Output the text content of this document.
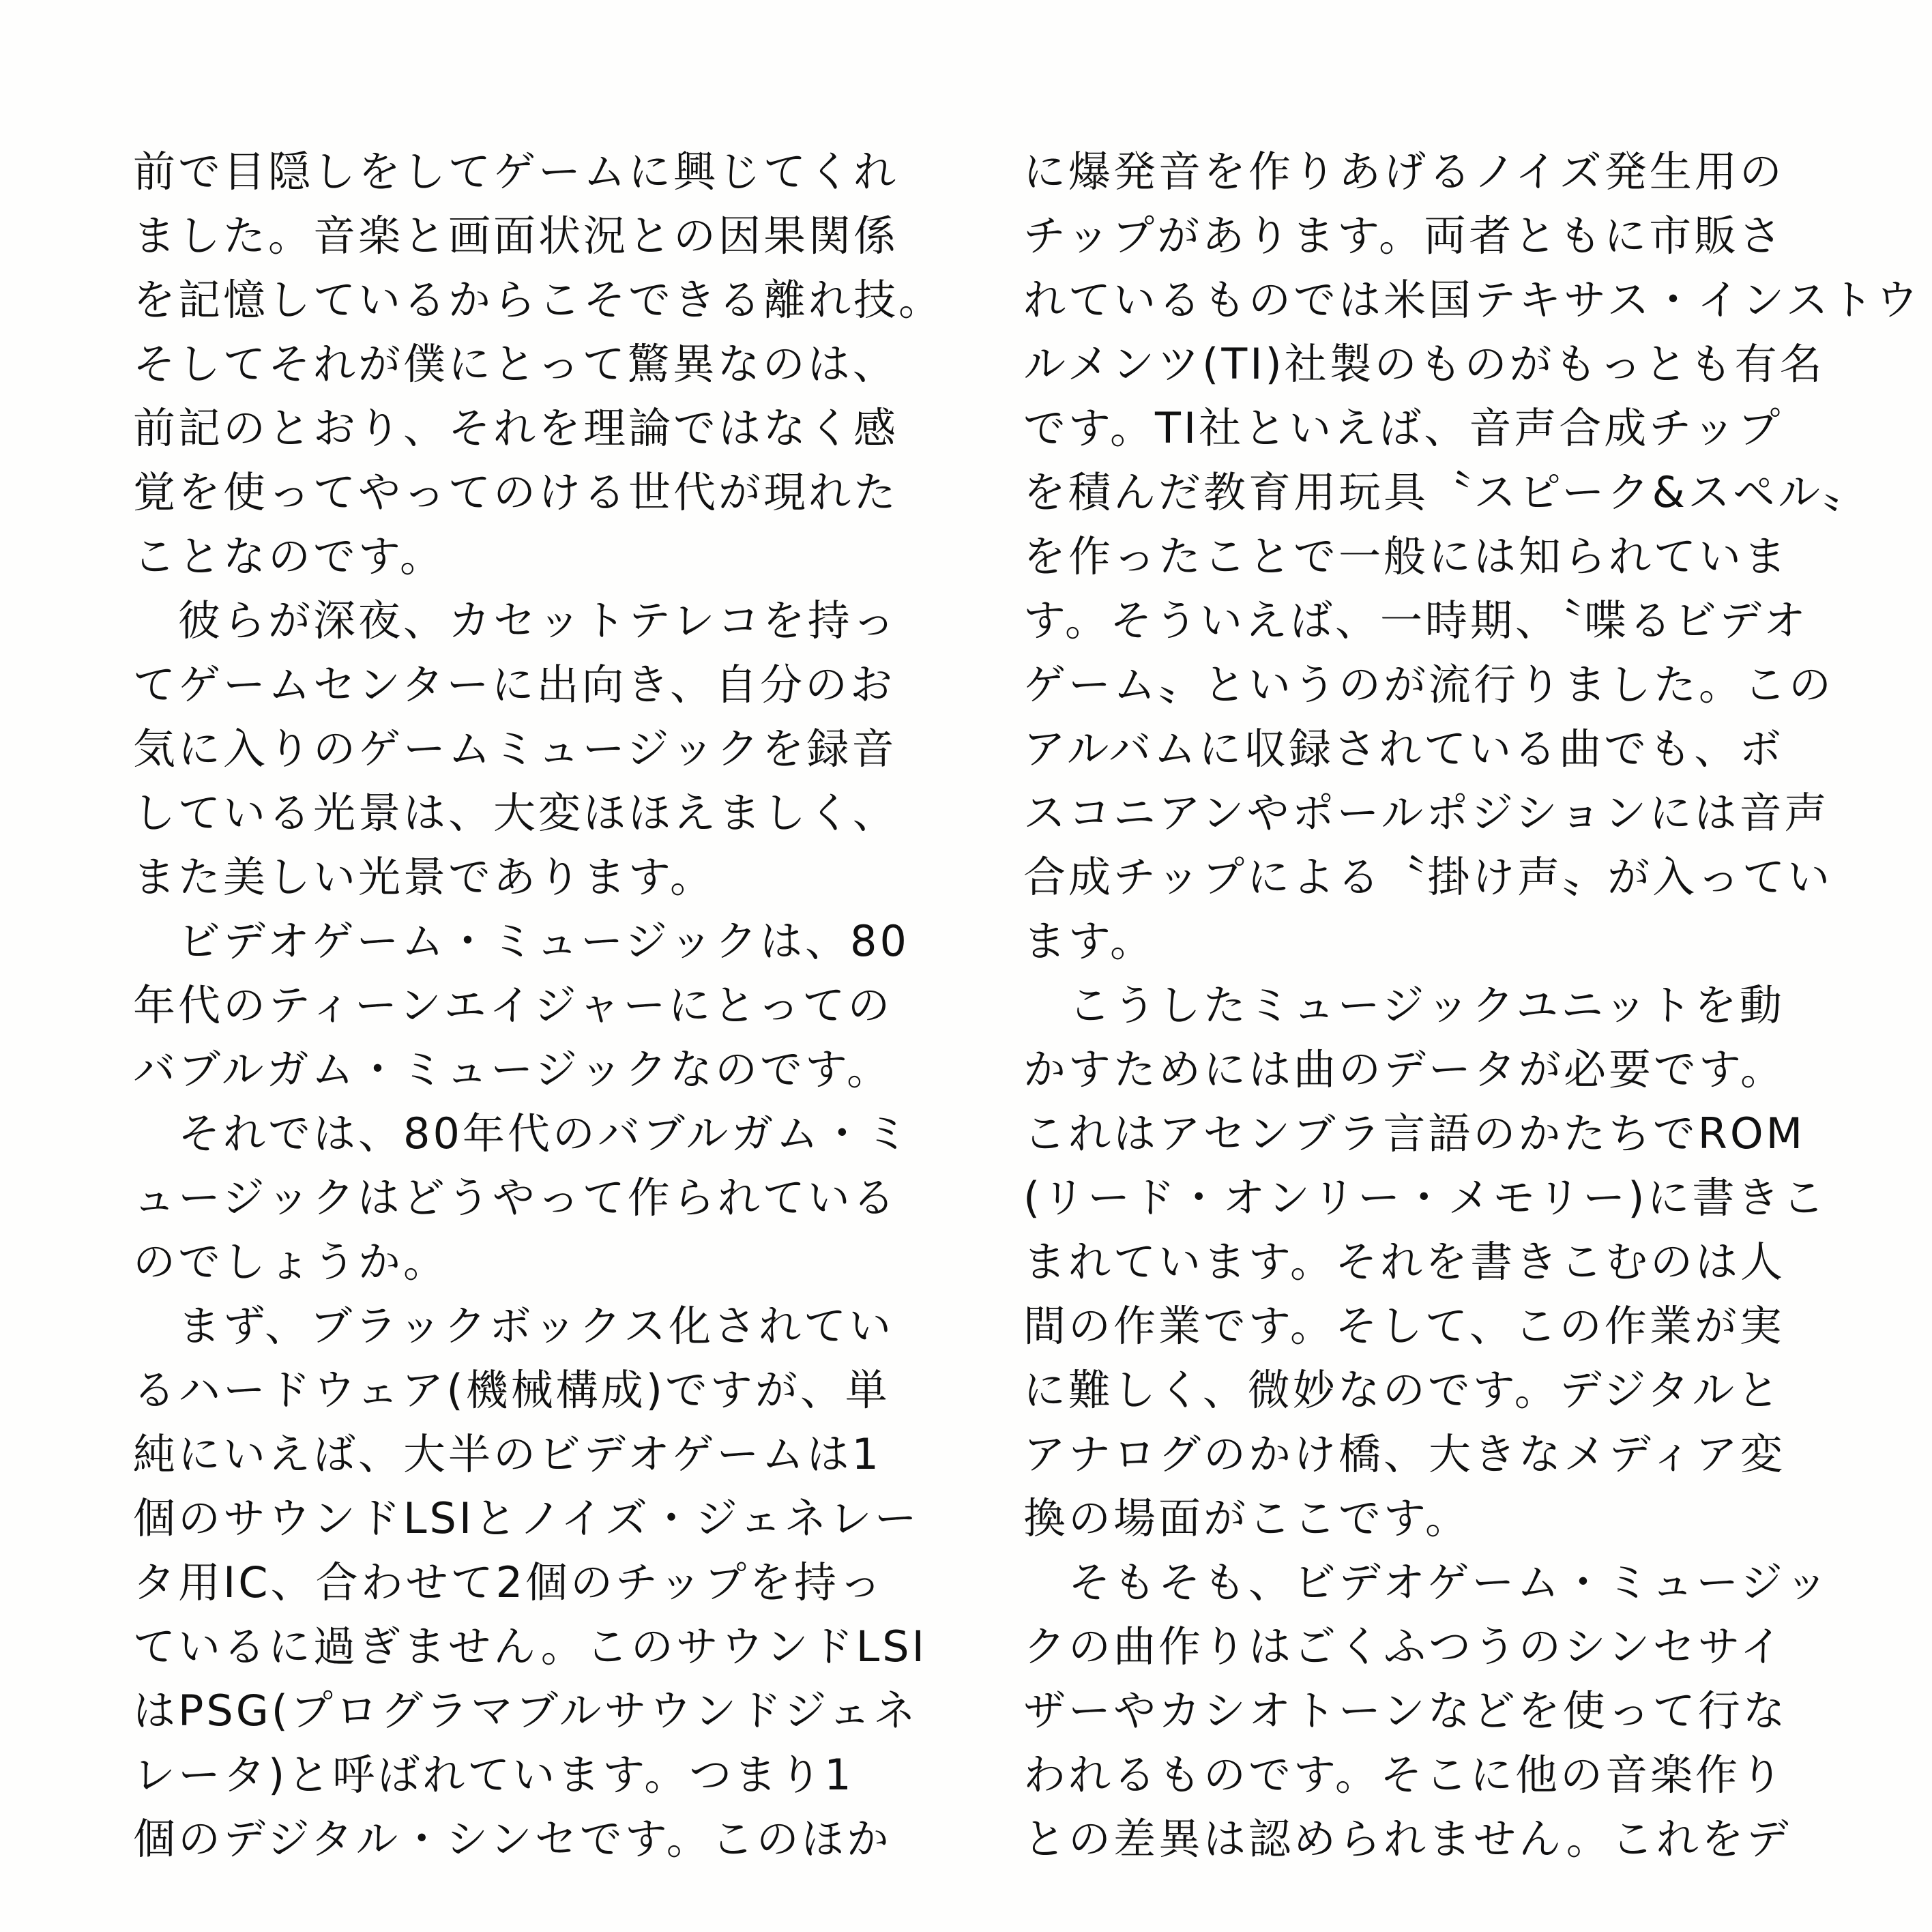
前で目隠しをしてゲームに興じてくれ
ました。音楽と画面状況との因果関係
を記憶しているからこそできる離れ技。
そしてそれが僕にとって驚異なのは、
前記のとおり、それを理論ではなく感
覚を使ってやってのける世代が現れた
ことなのです。
彼らが深夜、カセットテレコを持っ
てゲームセンターに出向き、自分のお
気に入りのゲームミュージックを録音
している光景は、大変ほほえましく、
また美しい光景であります。
ビデオゲーム・ミュージックは、80
年代のティーンエイジャーにとっての
バブルガム・ミュージックなのです。
それでは、80年代のバブルガム・ミ
ュージックはどうやって作られている
のでしょうか。
まず、ブラックボックス化されてい
るハードウェア(機械構成)ですが、単
純にいえば、大半のビデオゲームは1
個のサウンドLSIとノイズ・ジェネレー
タ用IC、合わせて2個のチップを持っ
ているに過ぎません。このサウンドLSI
はPSG(プログラマブルサウンドジェネ
レータ)と呼ばれています。つまり1
個のデジタル・シンセです。このほか
に爆発音を作りあげるノイズ発生用の
チップがあります。両者ともに市販さ
れているものでは米国テキサス・インストウ
ルメンツ(TI)社製のものがもっとも有名
です。TI社といえば、音声合成チップ
を積んだ教育用玩具〝スピーク&スペル〟
を作ったことで一般には知られていま
す。そういえば、一時期、〝喋るビデオ
ゲーム〟というのが流行りました。この
アルバムに収録されている曲でも、ボ
スコニアンやポールポジションには音声
合成チップによる〝掛け声〟が入ってい
ます。
こうしたミュージックユニットを動
かすためには曲のデータが必要です。
これはアセンブラ言語のかたちでROM
(リード・オンリー・メモリー)に書きこ
まれています。それを書きこむのは人
間の作業です。そして、この作業が実
に難しく、微妙なのです。デジタルと
アナログのかけ橋、大きなメディア変
換の場面がここです。
そもそも、ビデオゲーム・ミュージッ
クの曲作りはごくふつうのシンセサイ
ザーやカシオトーンなどを使って行な
われるものです。そこに他の音楽作り
との差異は認められません。これをデ
